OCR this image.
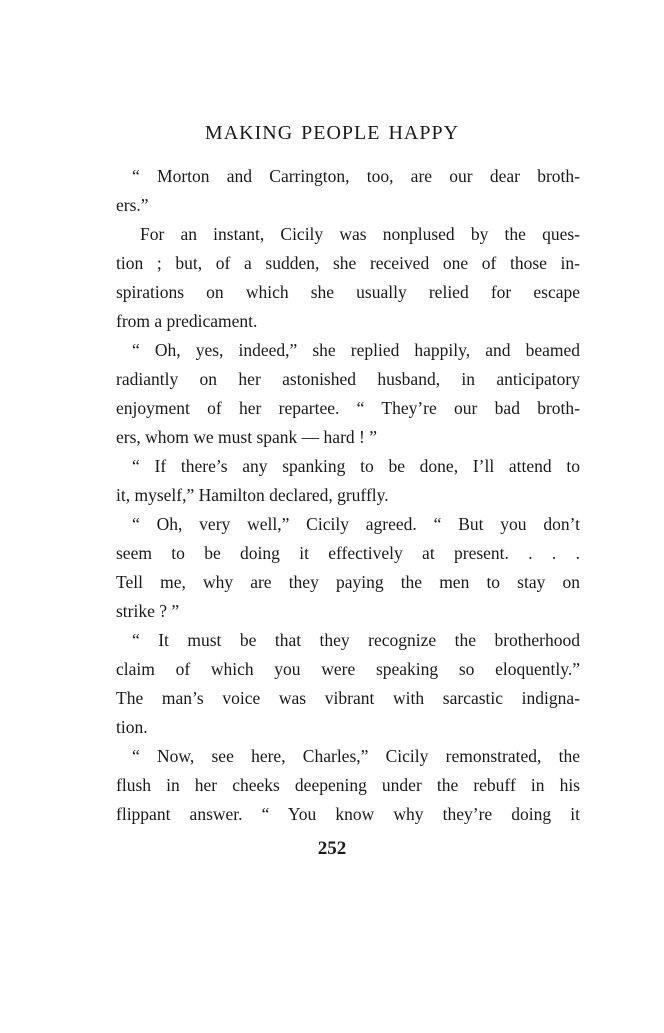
MAKING PEOPLE HAPPY
“ Morton and Carrington, too, are our dear broth-
ers.”
For an instant, Cicily was nonplused by the ques-
tion ; but, of a sudden, she received one of those in-
spirations on which she usually relied for escape
from a predicament.
“ Oh, yes, indeed,” she replied happily, and beamed
radiantly on her astonished husband, in anticipatory
enjoyment of her repartee. “ They’re our bad broth-
ers, whom we must spank — hard ! ”
“ If there’s any spanking to be done, I’ll attend to
it, myself,” Hamilton declared, gruffly.
“ Oh, very well,” Cicily agreed. “ But you don’t
seem to be doing it effectively at present. . . .
Tell me, why are they paying the men to stay on
strike ? ”
“ It must be that they recognize the brotherhood
claim of which you were speaking so eloquently.”
The man’s voice was vibrant with sarcastic indigna-
tion.
“ Now, see here, Charles,” Cicily remonstrated, the
flush in her cheeks deepening under the rebuff in his
flippant answer. “ You know why they’re doing it
252
